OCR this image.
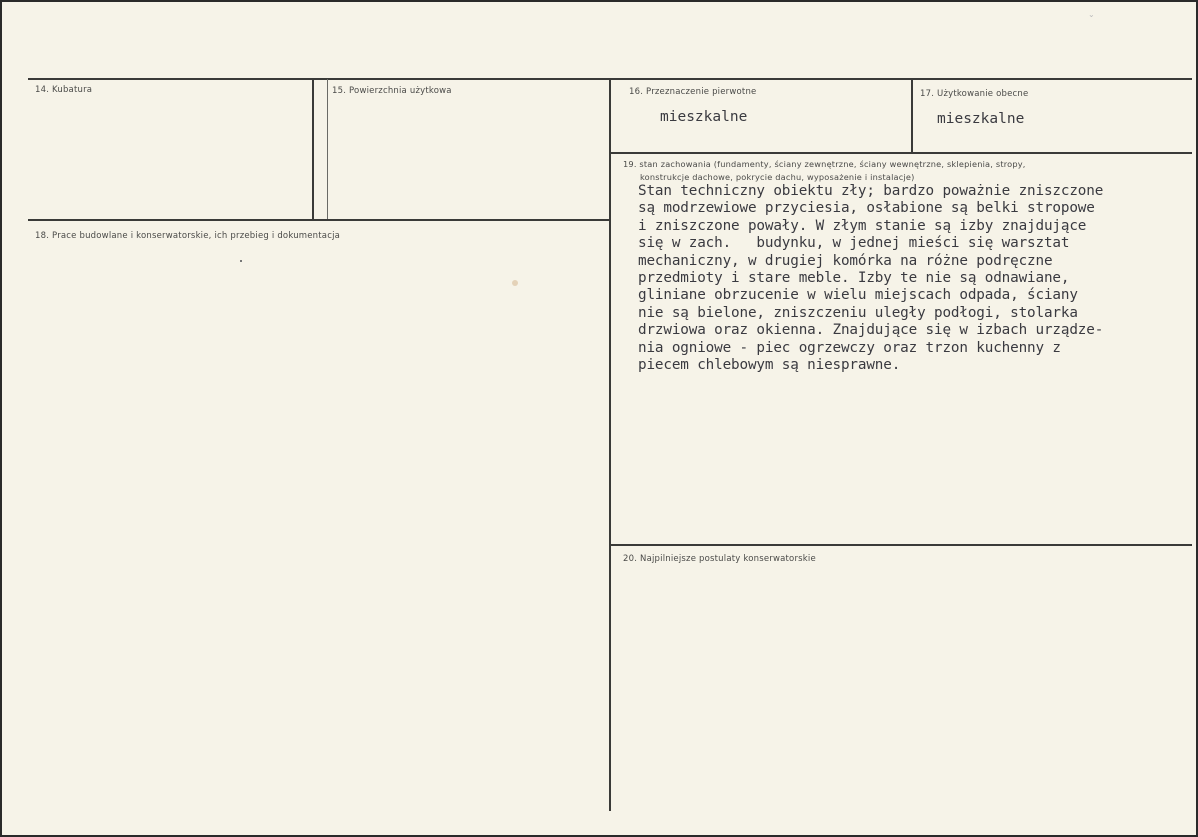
14. Kubatura	15. Powierzchnia użytkowa	16. Przeznaczenie pierwotne
mieszkalne
17. Użytkowanie obecne
mieszkalne
18. Prace budowlane i konserwatorskie, ich przebieg i dokumentacja
19. stan zachowania (fundamenty, ściany zewnętrzne, ściany wewnętrzne, sklepienia, stropy,
konstrukcje dachowe, pokrycie dachu, wyposażenie i instalacje)
Stan techniczny obiektu zły; bardzo poważnie zniszczone
są modrzewiowe przyciesia, osłabione są belki stropowe
i zniszczone powały. W złym stanie są izby znajdujące
się w zach.   budynku, w jednej mieści się warsztat
mechaniczny, w drugiej komórka na różne podręczne
przedmioty i stare meble. Izby te nie są odnawiane,
gliniane obrzucenie w wielu miejscach odpada, ściany
nie są bielone, zniszczeniu uległy podłogi, stolarka
drzwiowa oraz okienna. Znajdujące się w izbach urządze-
nia ogniowe - piec ogrzewczy oraz trzon kuchenny z
piecem chlebowym są niesprawne.
20. Najpilniejsze postulaty konserwatorskie
⌄
